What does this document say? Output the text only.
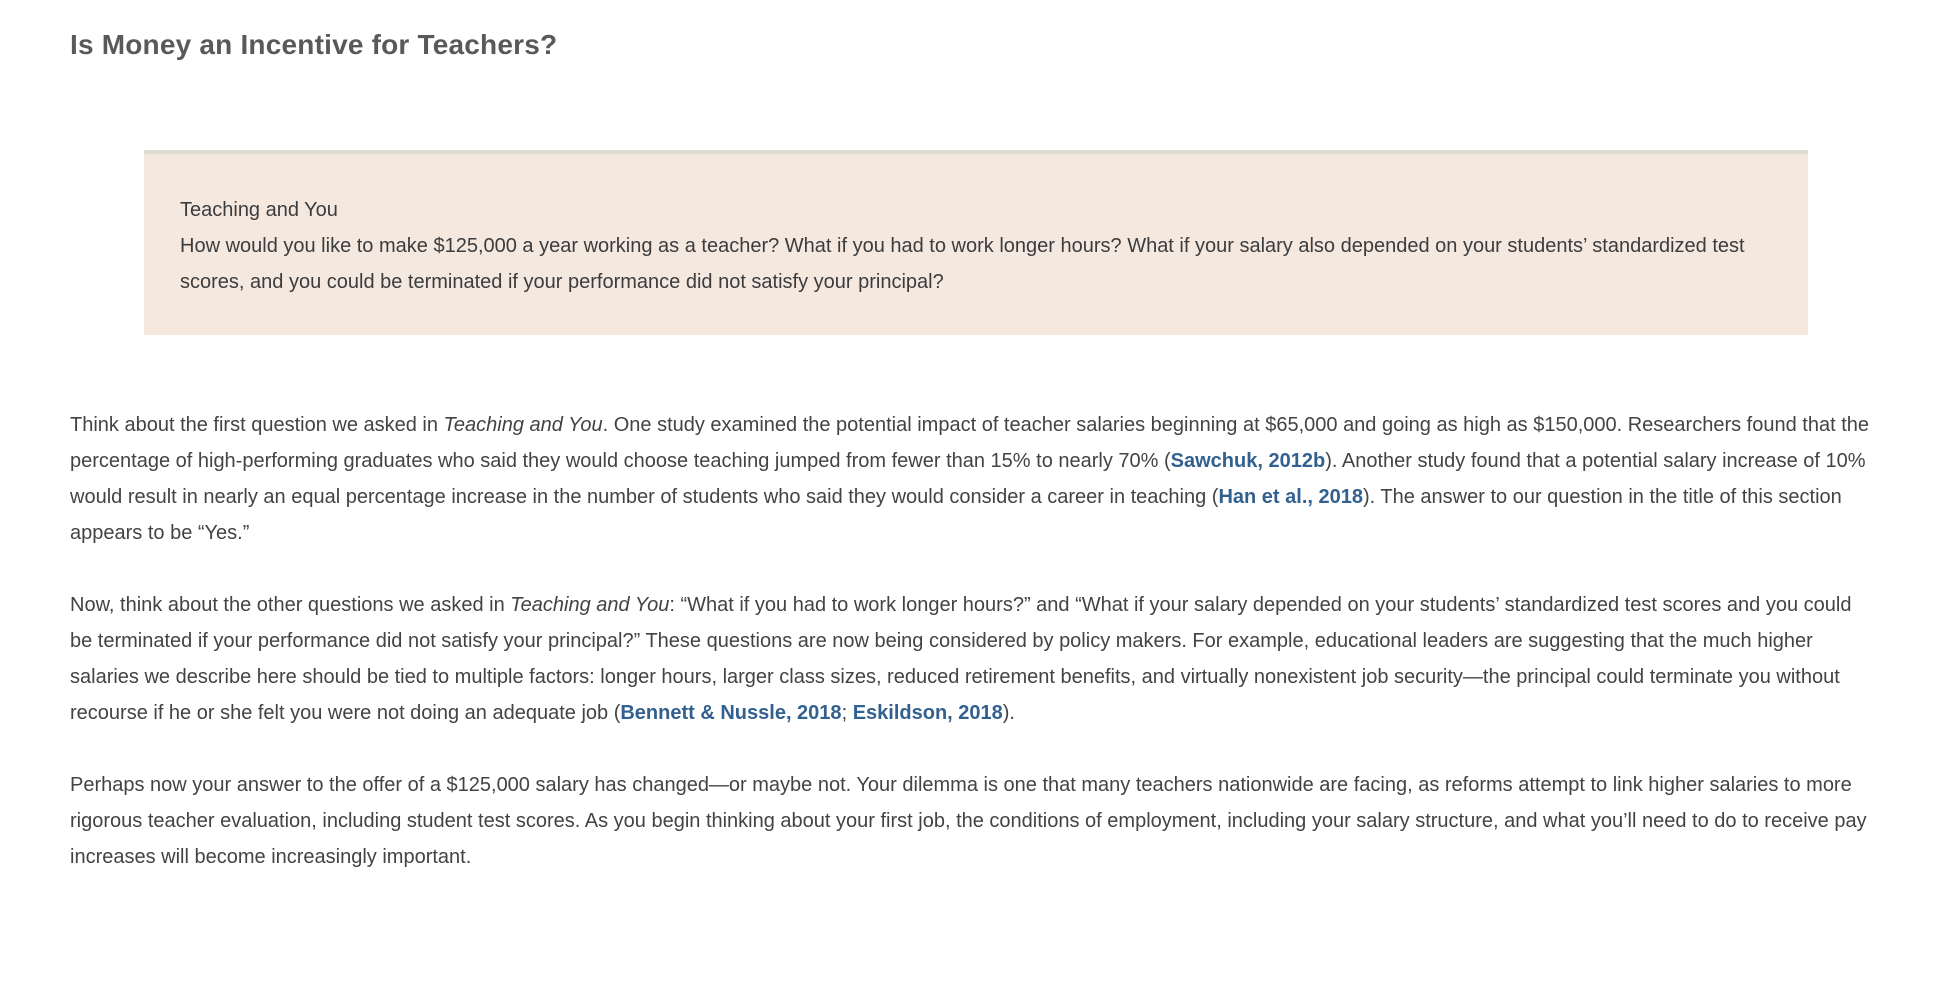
Is Money an Incentive for Teachers?
Teaching and You
How would you like to make $125,000 a year working as a teacher? What if you had to work longer hours? What if your salary also depended on your students’ standardized test scores, and you could be terminated if your performance did not satisfy your principal?

Think about the first question we asked in Teaching and You. One study examined the potential impact of teacher salaries beginning at $65,000 and going as high as $150,000. Researchers found that the percentage of high-performing graduates who said they would choose teaching jumped from fewer than 15% to nearly 70% (Sawchuk, 2012b). Another study found that a potential salary increase of 10% would result in nearly an equal percentage increase in the number of students who said they would consider a career in teaching (Han et al., 2018). The answer to our question in the title of this section appears to be “Yes.”

Now, think about the other questions we asked in Teaching and You: “What if you had to work longer hours?” and “What if your salary depended on your students’ standardized test scores and you could be terminated if your performance did not satisfy your principal?” These questions are now being considered by policy makers. For example, educational leaders are suggesting that the much higher salaries we describe here should be tied to multiple factors: longer hours, larger class sizes, reduced retirement benefits, and virtually nonexistent job security—the principal could terminate you without recourse if he or she felt you were not doing an adequate job (Bennett & Nussle, 2018; Eskildson, 2018).

Perhaps now your answer to the offer of a $125,000 salary has changed—or maybe not. Your dilemma is one that many teachers nationwide are facing, as reforms attempt to link higher salaries to more rigorous teacher evaluation, including student test scores. As you begin thinking about your first job, the conditions of employment, including your salary structure, and what you’ll need to do to receive pay increases will become increasingly important.
